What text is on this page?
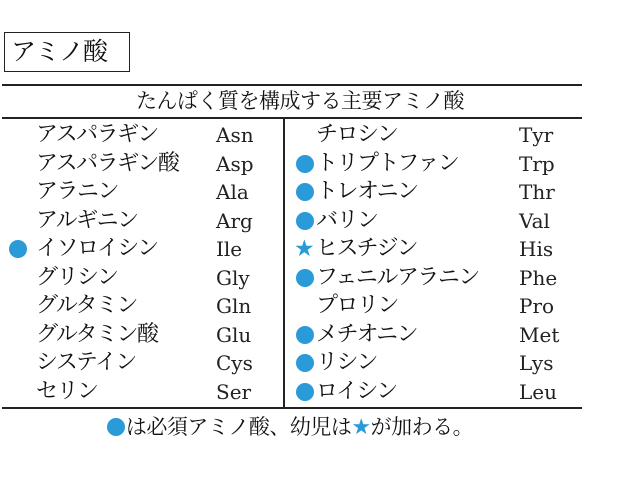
アミノ酸
たんぱく質を構成する主要アミノ酸
アスパラギン	Asn
アスパラギン酸 Asp
アラニン	Ala
アルギニン	Arg
イソロイシン	Ile
グリシン	Gly
グルタミン	Gln
グルタミン酸	Glu
システイン	Cys
セリン	Ser
チロシン	Tyr
トリプトファン	Trp
トレオニン	Thr
バリン	Val
★ ヒスチジン	His
フェニルアラニン Phe
プロリン	Pro
メチオニン	Met
リシン	Lys
ロイシン	Leu
は必須アミノ酸、幼児は★が加わる。
